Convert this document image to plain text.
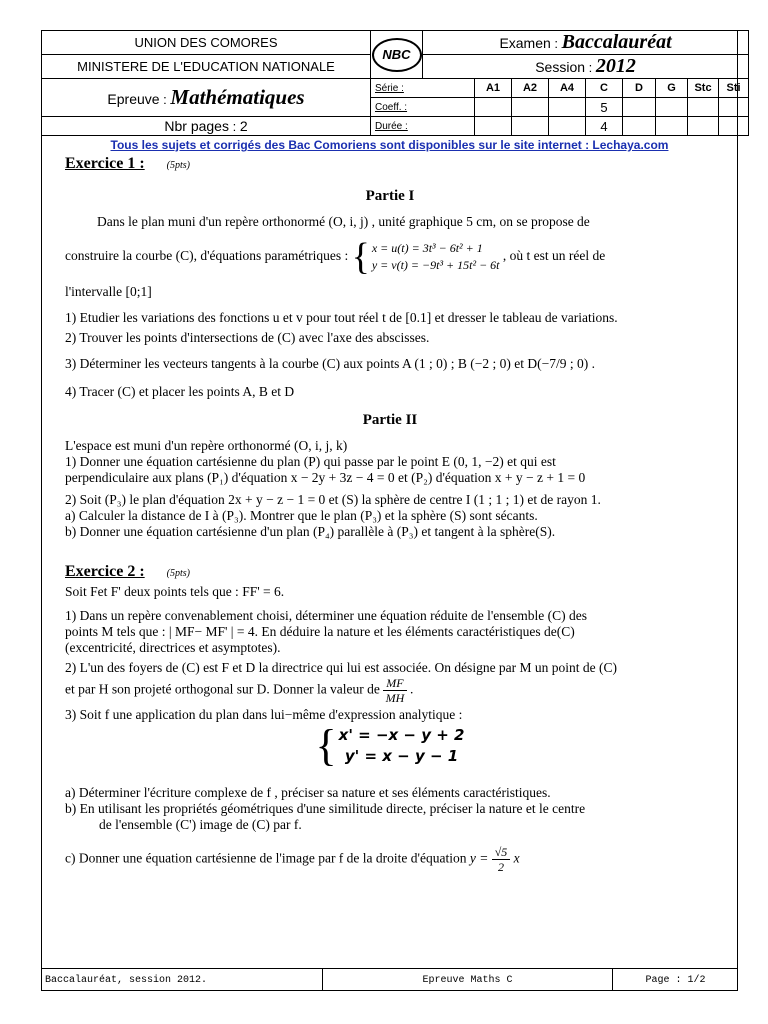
UNION DES COMORES	NBC	Examen : Baccalauréat								
MINISTERE DE L'EDUCATION NATIONALE		Session : 2012								
Epreuve : Mathématiques	Série :		A1	A2	A4	C	D	G	Stc	Sti
	Coeff. :					5				
Nbr pages : 2	Durée :					4				
Tous les sujets et corrigés des Bac Comoriens sont disponibles sur le site internet : Lechaya.com

Exercice 1 : (5pts)

Partie I

Dans le plan muni d'un repère orthonormé (O, i, j) , unité graphique 5 cm, on se propose de

construire la courbe (C), d'équations paramétriques : { x = u(t) = 3t³ − 6t² + 1
y = v(t) = −9t³ + 15t² − 6t
, où t est un réel de

l'intervalle [0;1]

1) Etudier les variations des fonctions u et v pour tout réel t de [0.1] et dresser le tableau de variations.

2) Trouver les points d'intersections de (C) avec l'axe des abscisses.

3) Déterminer les vecteurs tangents à la courbe (C) aux points A (1 ; 0) ; B (−2 ; 0) et D(−7/9 ; 0) .

4) Tracer (C) et placer les points A, B et D

Partie II

L'espace est muni d'un repère orthonormé (O, i, j, k)

1) Donner une équation cartésienne du plan (P) qui passe par le point E (0, 1, −2) et qui est

perpendiculaire aux plans (P₁) d'équation x − 2y + 3z − 4 = 0 et (P₂) d'équation x + y − z + 1 = 0

2) Soit (P₃) le plan d'équation 2x + y − z − 1 = 0 et (S) la sphère de centre I (1 ; 1 ; 1) et de rayon 1.

a) Calculer la distance de I à (P₃). Montrer que le plan (P₃) et la sphère (S) sont sécants.

b) Donner une équation cartésienne d'un plan (P₄) parallèle à (P₃) et tangent à la sphère(S).

Exercice 2 : (5pts)

Soit Fet F' deux points tels que : FF' = 6.

1) Dans un repère convenablement choisi, déterminer une équation réduite de l'ensemble (C) des

points M tels que : | MF− MF' | = 4. En déduire la nature et les éléments caractéristiques de(C)

(excentricité, directrices et asymptotes).

2) L'un des foyers de (C) est F et D la directrice qui lui est associée. On désigne par M un point de (C)

et par H son projeté orthogonal sur D. Donner la valeur de $\frac{MF}{MH}$ .

3) Soit f une application du plan dans lui−même d'expression analytique :

{ x' = −x − y + 2
y' = x − y − 1

a) Déterminer l'écriture complexe de f , préciser sa nature et ses éléments caractéristiques.

b) En utilisant les propriétés géométriques d'une similitude directe, préciser la nature et le centre

de l'ensemble (C') image de (C) par f.

c) Donner une équation cartésienne de l'image par f de la droite d'équation $y = \frac{√5}{2}$ x

Baccalauréat, session 2012.	Epreuve Maths C	Page : 1/2
